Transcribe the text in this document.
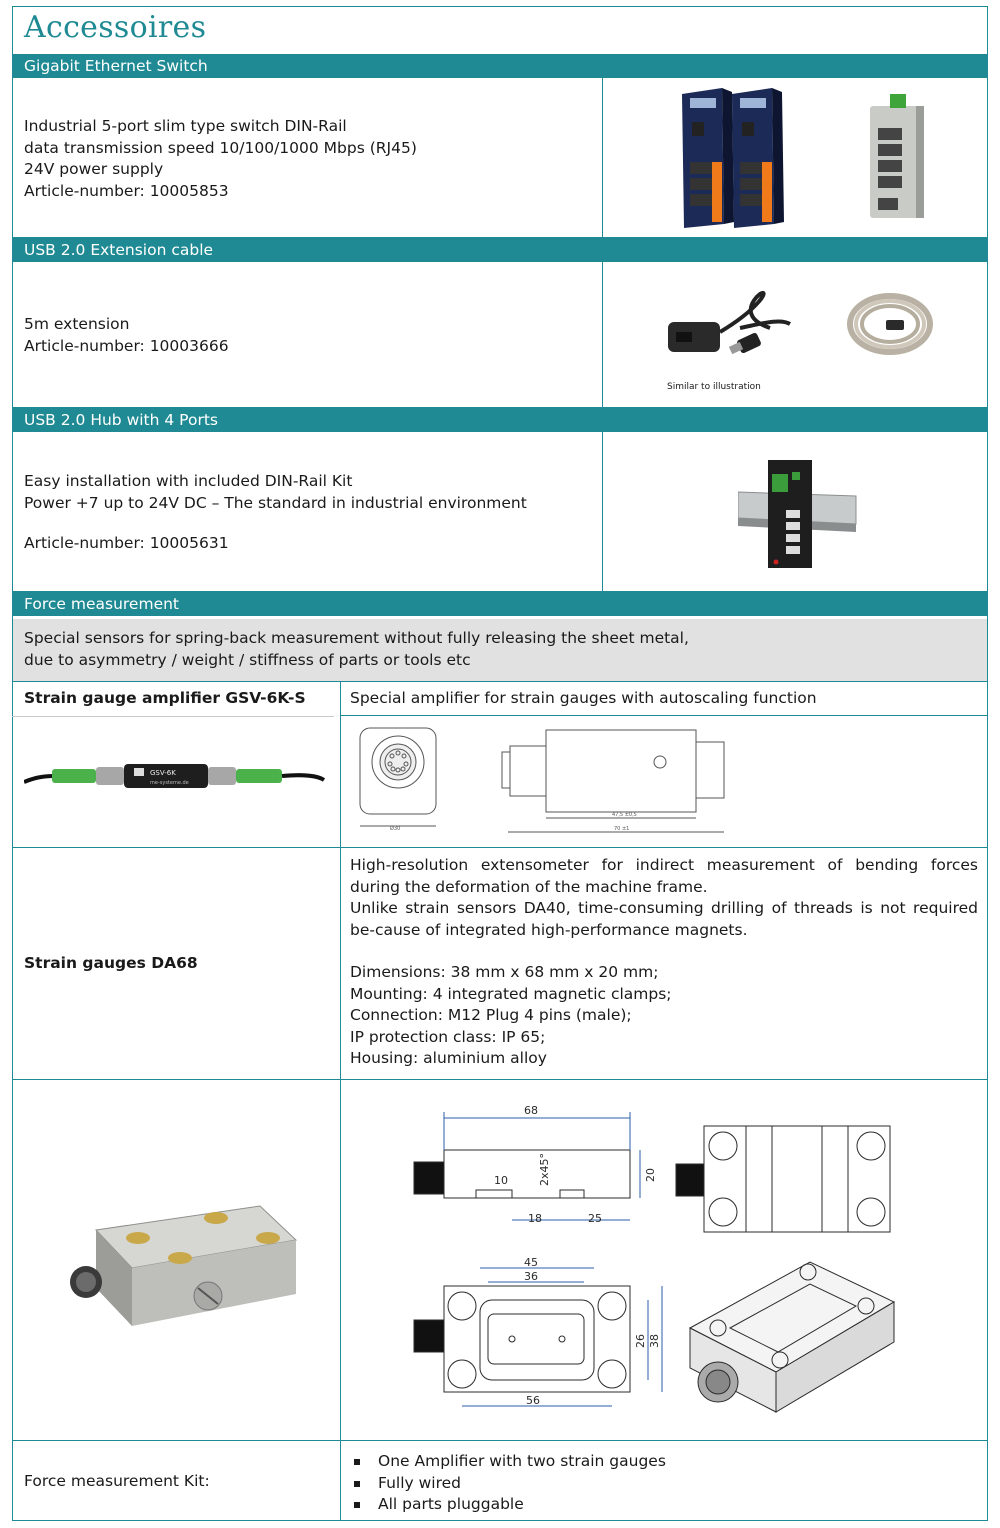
Accessoires
Gigabit Ethernet Switch
Industrial 5-port slim type switch DIN-Rail
data transmission speed 10/100/1000 Mbps (RJ45)
24V power supply
Article-number: 10005853
USB 2.0 Extension cable
5m extension
Article-number: 10003666
Similar to illustration
USB 2.0 Hub with 4 Ports
Easy installation with included DIN-Rail Kit
Power +7 up to 24V DC – The standard in industrial environment
Article-number: 10005631
Force measurement
Special sensors for spring-back measurement without fully releasing the sheet metal,
due to asymmetry / weight / stiffness of parts or tools etc
Strain gauge amplifier GSV-6K-S	Special amplifier for strain gauges with autoscaling function
GSV-6K
me-systeme.de
Ø30
47,5 ±0,5
70 ±1
Strain gauges DA68
High-resolution extensometer for indirect measurement of bending forces during the deformation of the machine frame.
Unlike strain sensors DA40, time-consuming drilling of threads is not required be-cause of integrated high-performance magnets.
Dimensions: 38 mm x 68 mm x 20 mm;
Mounting: 4 integrated magnetic clamps;
Connection: M12 Plug 4 pins (male);
IP protection class: IP 65;
Housing: aluminium alloy
68
10	2x45°	20
18	25
45
36
26 38
56
Force measurement Kit:
One Amplifier with two strain gauges
Fully wired
All parts pluggable
